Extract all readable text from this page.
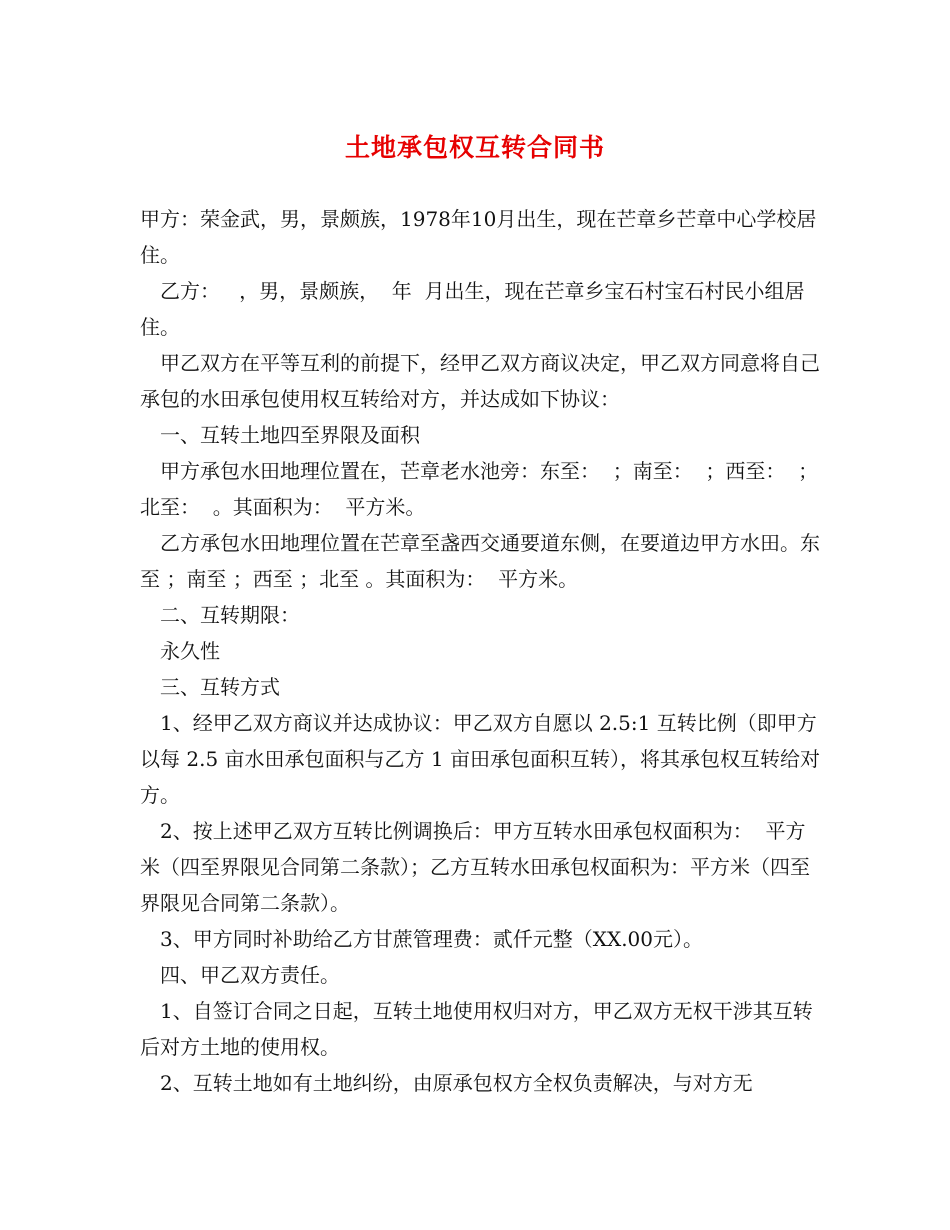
土地承包权互转合同书

甲方：荣金武，男，景颇族，1978年10月出生，现在芒章乡芒章中心学校居住。

乙方：   ，男，景颇族，  年  月出生，现在芒章乡宝石村宝石村民小组居住。

甲乙双方在平等互利的前提下，经甲乙双方商议决定，甲乙双方同意将自己承包的水田承包使用权互转给对方，并达成如下协议：

一、互转土地四至界限及面积

甲方承包水田地理位置在，芒章老水池旁：东至：  ；南至：  ；西至：  ；北至：  。其面积为：  平方米。

乙方承包水田地理位置在芒章至盏西交通要道东侧，在要道边甲方水田。东至 ；南至 ；西至 ；北至 。其面积为：  平方米。

二、互转期限：

永久性

三、互转方式

1、经甲乙双方商议并达成协议：甲乙双方自愿以 2.5:1 互转比例（即甲方以每 2.5 亩水田承包面积与乙方 1 亩田承包面积互转），将其承包权互转给对方。

2、按上述甲乙双方互转比例调换后：甲方互转水田承包权面积为：  平方米（四至界限见合同第二条款）；乙方互转水田承包权面积为：平方米（四至界限见合同第二条款）。

3、甲方同时补助给乙方甘蔗管理费：贰仟元整（XX.00元）。

四、甲乙双方责任。

1、自签订合同之日起，互转土地使用权归对方，甲乙双方无权干涉其互转后对方土地的使用权。

2、互转土地如有土地纠纷，由原承包权方全权负责解决，与对方无
